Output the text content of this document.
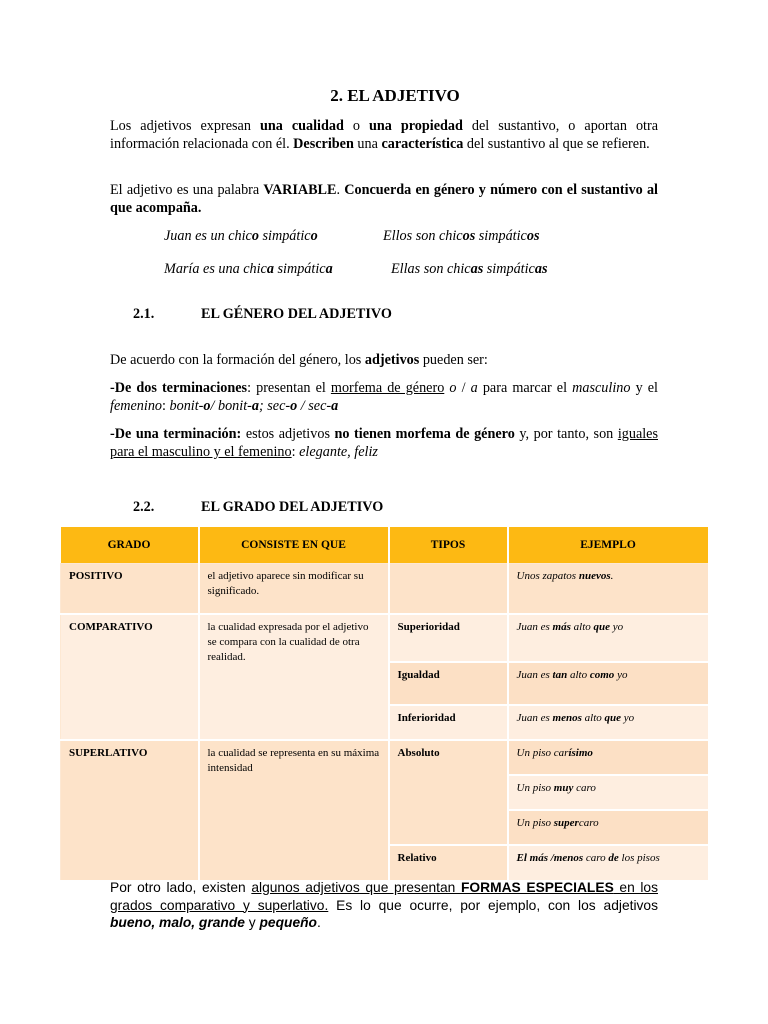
2. EL ADJETIVO

Los adjetivos expresan una cualidad o una propiedad del sustantivo, o aportan otra información relacionada con él. Describen una característica del sustantivo al que se refieren.

El adjetivo es una palabra VARIABLE. Concuerda en género y número con el sustantivo al que acompaña.

Juan es un chico simpático	Ellos son chicos simpáticos
María es una chica simpática	Ellas son chicas simpáticas
2.1.	EL GÉNERO DEL ADJETIVO

De acuerdo con la formación del género, los adjetivos pueden ser:

-De dos terminaciones: presentan el morfema de género o / a para marcar el masculino y el femenino: bonit-o/ bonit-a; sec-o / sec-a

-De una terminación: estos adjetivos no tienen morfema de género y, por tanto, son iguales para el masculino y el femenino: elegante, feliz

2.2.	EL GRADO DEL ADJETIVO
GRADO	CONSISTE EN QUE	TIPOS	EJEMPLO
POSITIVO	el adjetivo aparece sin modificar su significado.		Unos zapatos nuevos.
COMPARATIVO	la cualidad expresada por el adjetivo se compara con la cualidad de otra realidad.	Superioridad	Juan es más alto que yo
		Igualdad	Juan es tan alto como yo
		Inferioridad	Juan es menos alto que yo
SUPERLATIVO	la cualidad se representa en su máxima intensidad	Absoluto	Un piso carísimo
			Un piso muy caro
			Un piso supercaro
		Relativo	El más /menos caro de los pisos

Por otro lado, existen algunos adjetivos que presentan FORMAS ESPECIALES en los grados comparativo y superlativo. Es lo que ocurre, por ejemplo, con los adjetivos bueno, malo, grande y pequeño.
